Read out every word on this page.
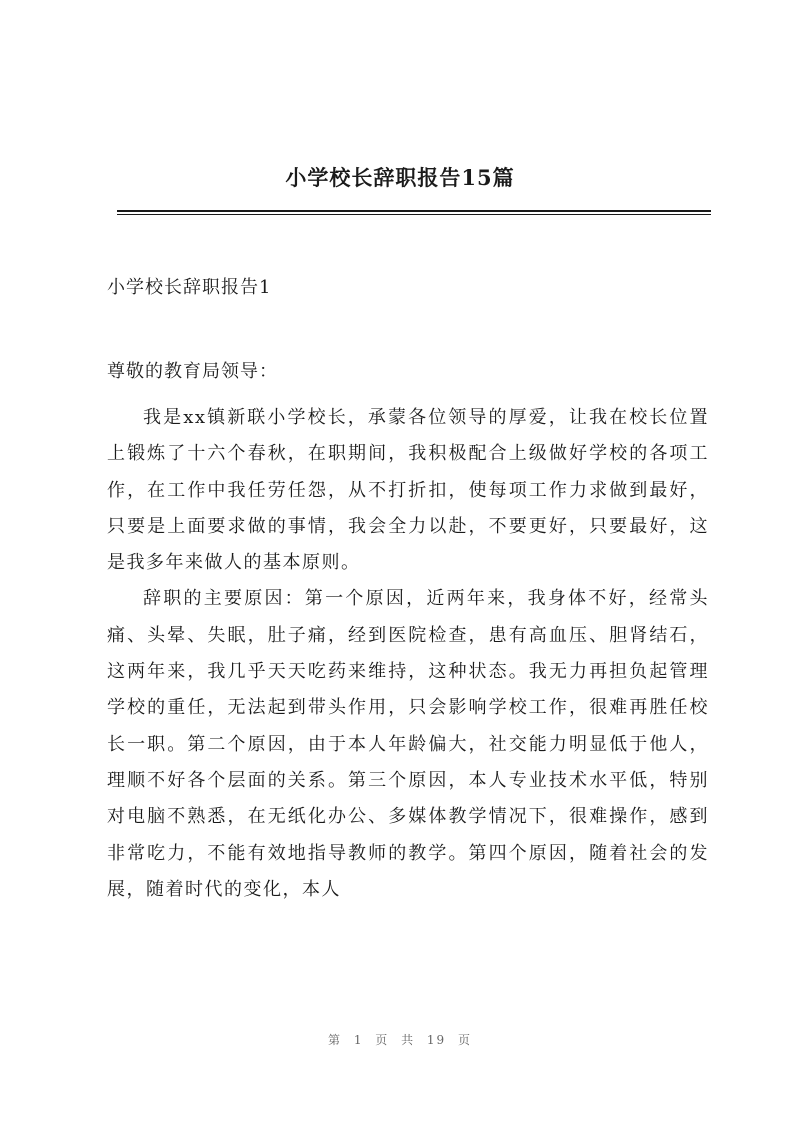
小学校长辞职报告15篇
小学校长辞职报告1
尊敬的教育局领导：

我是xx镇新联小学校长，承蒙各位领导的厚爱，让我在校长位置上锻炼了十六个春秋，在职期间，我积极配合上级做好学校的各项工作，在工作中我任劳任怨，从不打折扣，使每项工作力求做到最好，只要是上面要求做的事情，我会全力以赴，不要更好，只要最好，这是我多年来做人的基本原则。

辞职的主要原因：第一个原因，近两年来，我身体不好，经常头痛、头晕、失眠，肚子痛，经到医院检查，患有高血压、胆肾结石，这两年来，我几乎天天吃药来维持，这种状态。我无力再担负起管理学校的重任，无法起到带头作用，只会影响学校工作，很难再胜任校长一职。第二个原因，由于本人年龄偏大，社交能力明显低于他人，理顺不好各个层面的关系。第三个原因，本人专业技术水平低，特别对电脑不熟悉，在无纸化办公、多媒体教学情况下，很难操作，感到非常吃力，不能有效地指导教师的教学。第四个原因，随着社会的发展，随着时代的变化，本人

第 1 页 共 19 页
